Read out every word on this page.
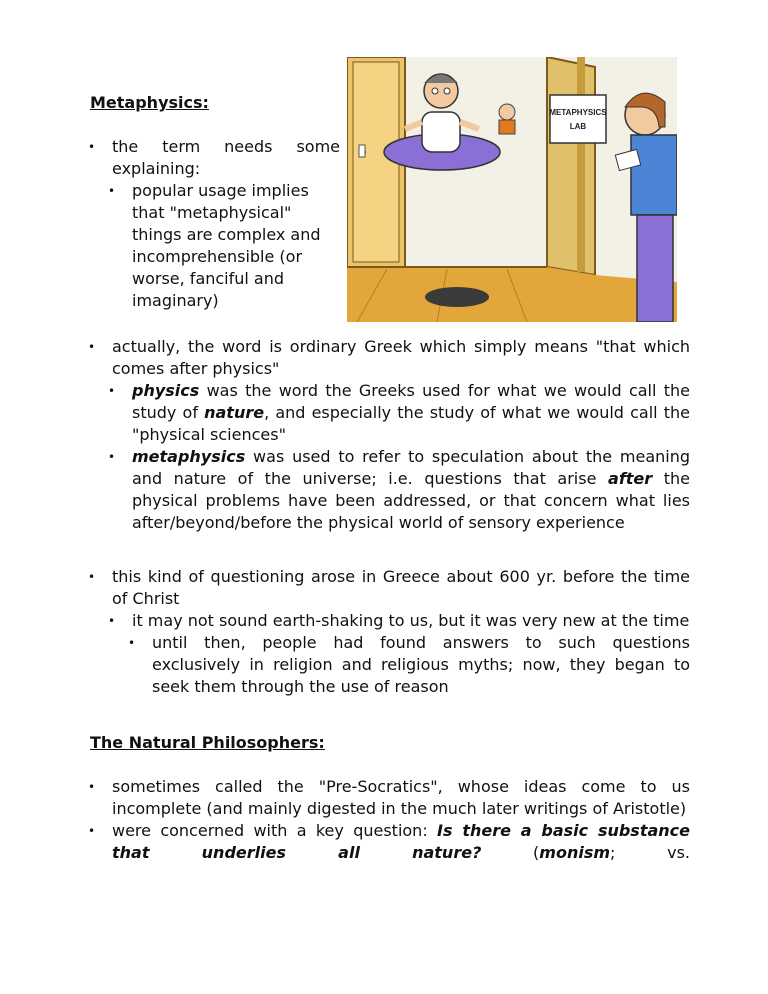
Metaphysics:
• the term needs some explaining:
• popular usage implies that "metaphysical" things are complex and incomprehensible (or worse, fanciful and imaginary)
• actually, the word is ordinary Greek which simply means "that which comes after physics"
• physics was the word the Greeks used for what we would call the study of nature, and especially the study of what we would call the "physical sciences"
• metaphysics was used to refer to speculation about the meaning and nature of the universe; i.e. questions that arise after the physical problems have been addressed, or that concern what lies after/beyond/before the physical world of sensory experience
• this kind of questioning arose in Greece about 600 yr. before the time of Christ
• it may not sound earth-shaking to us, but it was very new at the time
• until then, people had found answers to such questions exclusively in religion and religious myths; now, they began to seek them through the use of reason
The Natural Philosophers:
• sometimes called the "Pre-Socratics", whose ideas come to us incomplete (and mainly digested in the much later writings of Aristotle)
• were concerned with a key question: Is there a basic substance that underlies all nature? (monism; vs.
METAPHYSICS
LAB
